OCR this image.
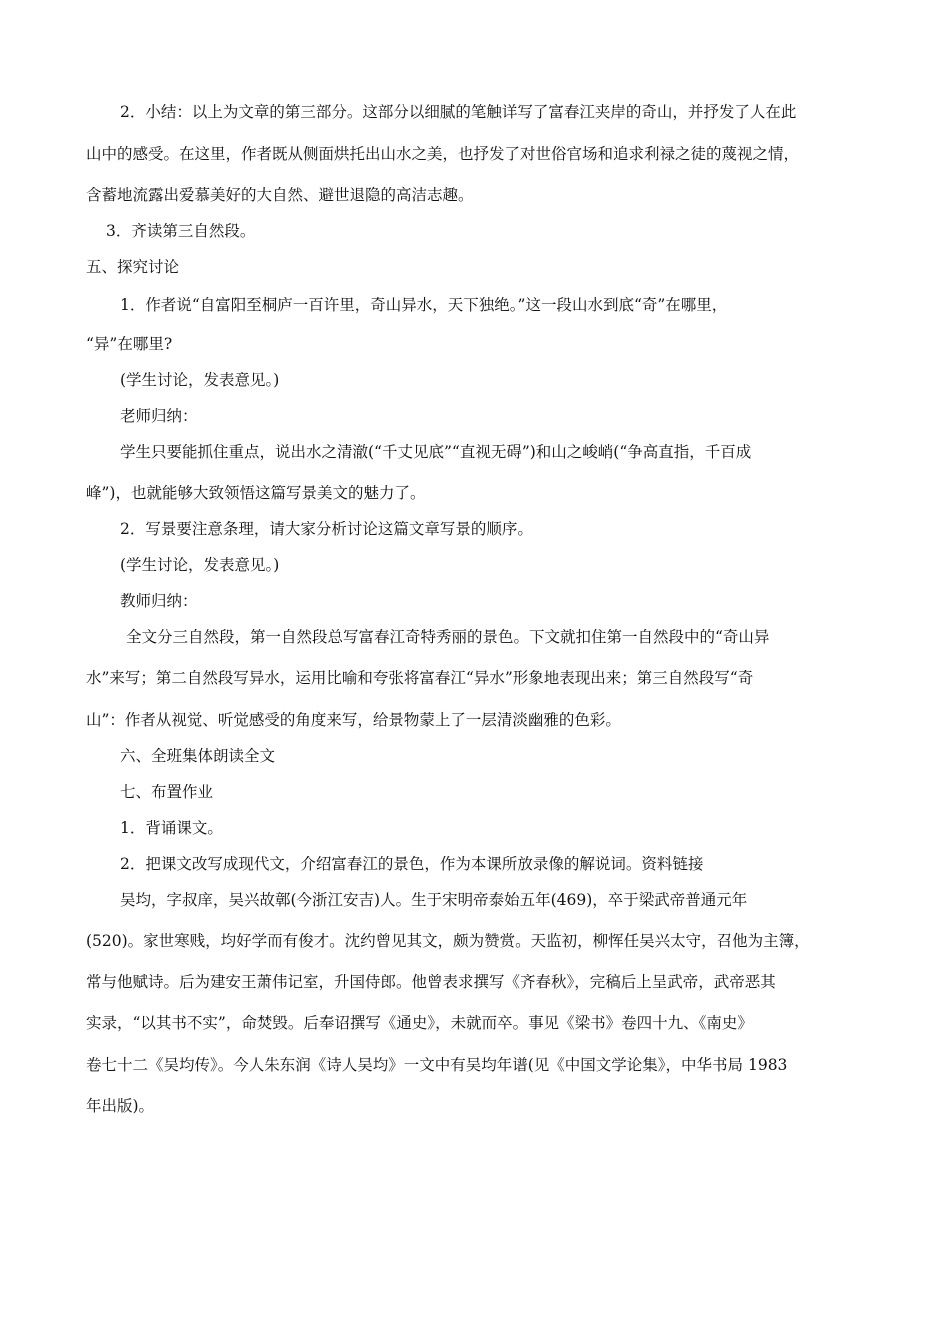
2．小结：以上为文章的第三部分。这部分以细腻的笔触详写了富春江夹岸的奇山，并抒发了人在此
山中的感受。在这里，作者既从侧面烘托出山水之美，也抒发了对世俗官场和追求利禄之徒的蔑视之情，
含蓄地流露出爱慕美好的大自然、避世退隐的高洁志趣。
3．齐读第三自然段。
五、探究讨论
1．作者说“自富阳至桐庐一百许里，奇山异水，天下独绝。”这一段山水到底“奇”在哪里，
“异”在哪里?
(学生讨论，发表意见。)
老师归纳：
学生只要能抓住重点，说出水之清澈(“千丈见底”“直视无碍”)和山之峻峭(“争高直指，千百成
峰”)，也就能够大致领悟这篇写景美文的魅力了。
2．写景要注意条理，请大家分析讨论这篇文章写景的顺序。
(学生讨论，发表意见。)
教师归纳：
全文分三自然段，第一自然段总写富春江奇特秀丽的景色。下文就扣住第一自然段中的“奇山异
水”来写；第二自然段写异水，运用比喻和夸张将富春江“异水”形象地表现出来；第三自然段写“奇
山”：作者从视觉、听觉感受的角度来写，给景物蒙上了一层清淡幽雅的色彩。
六、全班集体朗读全文
七、布置作业
1．背诵课文。
2．把课文改写成现代文，介绍富春江的景色，作为本课所放录像的解说词。资料链接
吴均，字叔庠，吴兴故鄣(今浙江安吉)人。生于宋明帝泰始五年(469)，卒于梁武帝普通元年
(520)。家世寒贱，均好学而有俊才。沈约曾见其文，颇为赞赏。天监初，柳恽任吴兴太守，召他为主簿，
常与他赋诗。后为建安王萧伟记室，升国侍郎。他曾表求撰写《齐春秋》，完稿后上呈武帝，武帝恶其
实录，“以其书不实”，命焚毁。后奉诏撰写《通史》，未就而卒。事见《梁书》卷四十九、《南史》
卷七十二《吴均传》。今人朱东润《诗人吴均》一文中有吴均年谱(见《中国文学论集》，中华书局 1983
年出版)。
